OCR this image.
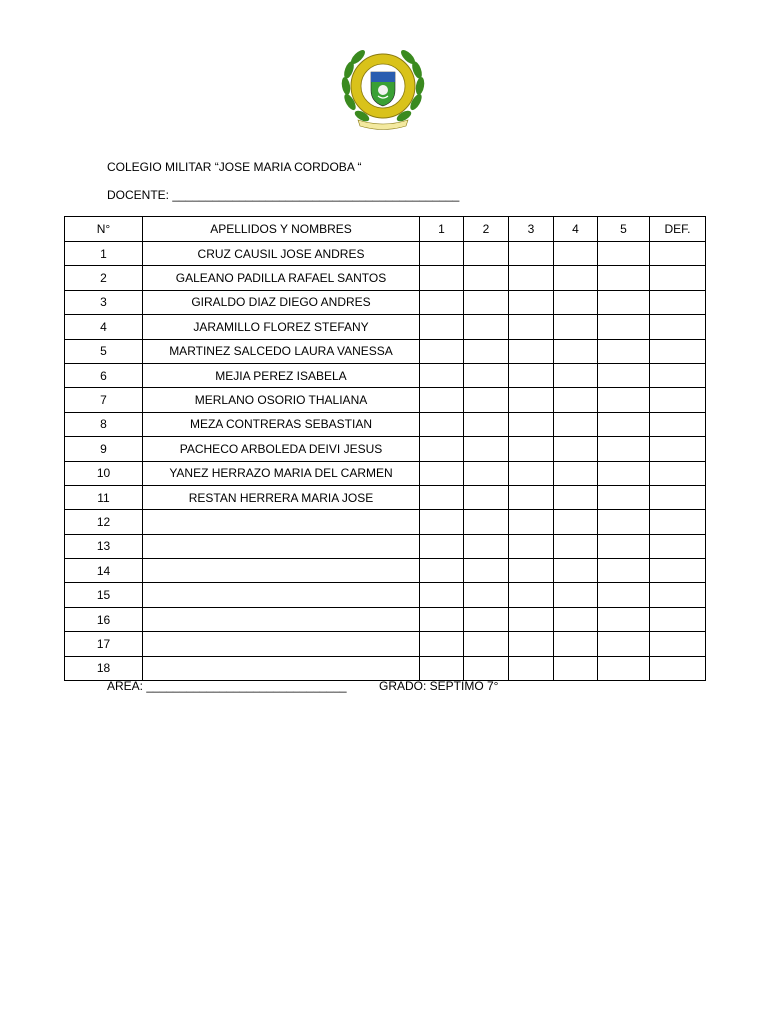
COLEGIO MILITAR “JOSE MARIA CORDOBA “
DOCENTE: ___________________________________________
N°	APELLIDOS Y NOMBRES	1	2	3	4	5	DEF.
1	CRUZ CAUSIL JOSE ANDRES						
2	GALEANO PADILLA RAFAEL SANTOS						
3	GIRALDO DIAZ DIEGO ANDRES						
4	JARAMILLO FLOREZ STEFANY						
5	MARTINEZ SALCEDO LAURA VANESSA						
6	MEJIA PEREZ ISABELA						
7	MERLANO OSORIO THALIANA						
8	MEZA CONTRERAS SEBASTIAN						
9	PACHECO ARBOLEDA DEIVI JESUS						
10	YANEZ HERRAZO MARIA DEL CARMEN						
11	RESTAN HERRERA MARIA JOSE						
12							
13							
14							
15							
16							
17							
18							
AREA: ______________________________	GRADO: SEPTIMO 7°
